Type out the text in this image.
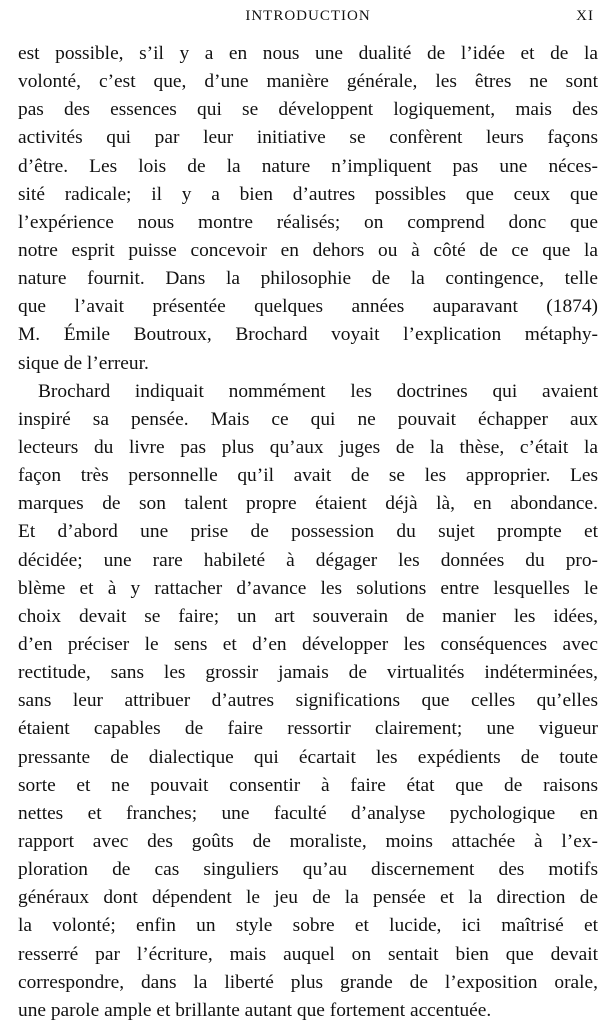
INTRODUCTION	XI
est possible, s’il y a en nous une dualité de l’idée et de la
volonté, c’est que, d’une manière générale, les êtres ne sont
pas des essences qui se développent logiquement, mais des
activités qui par leur initiative se confèrent leurs façons
d’être. Les lois de la nature n’impliquent pas une néces-
sité radicale; il y a bien d’autres possibles que ceux que
l’expérience nous montre réalisés; on comprend donc que
notre esprit puisse concevoir en dehors ou à côté de ce que la
nature fournit. Dans la philosophie de la contingence, telle
que l’avait présentée quelques années auparavant (1874)
M. Émile Boutroux, Brochard voyait l’explication métaphy-
sique de l’erreur.
Brochard indiquait nommément les doctrines qui avaient
inspiré sa pensée. Mais ce qui ne pouvait échapper aux
lecteurs du livre pas plus qu’aux juges de la thèse, c’était la
façon très personnelle qu’il avait de se les approprier. Les
marques de son talent propre étaient déjà là, en abondance.
Et d’abord une prise de possession du sujet prompte et
décidée; une rare habileté à dégager les données du pro-
blème et à y rattacher d’avance les solutions entre lesquelles le
choix devait se faire; un art souverain de manier les idées,
d’en préciser le sens et d’en développer les conséquences avec
rectitude, sans les grossir jamais de virtualités indéterminées,
sans leur attribuer d’autres significations que celles qu’elles
étaient capables de faire ressortir clairement; une vigueur
pressante de dialectique qui écartait les expédients de toute
sorte et ne pouvait consentir à faire état que de raisons
nettes et franches; une faculté d’analyse pychologique en
rapport avec des goûts de moraliste, moins attachée à l’ex-
ploration de cas singuliers qu’au discernement des motifs
généraux dont dépendent le jeu de la pensée et la direction de
la volonté; enfin un style sobre et lucide, ici maîtrisé et
resserré par l’écriture, mais auquel on sentait bien que devait
correspondre, dans la liberté plus grande de l’exposition orale,
une parole ample et brillante autant que fortement accentuée.
